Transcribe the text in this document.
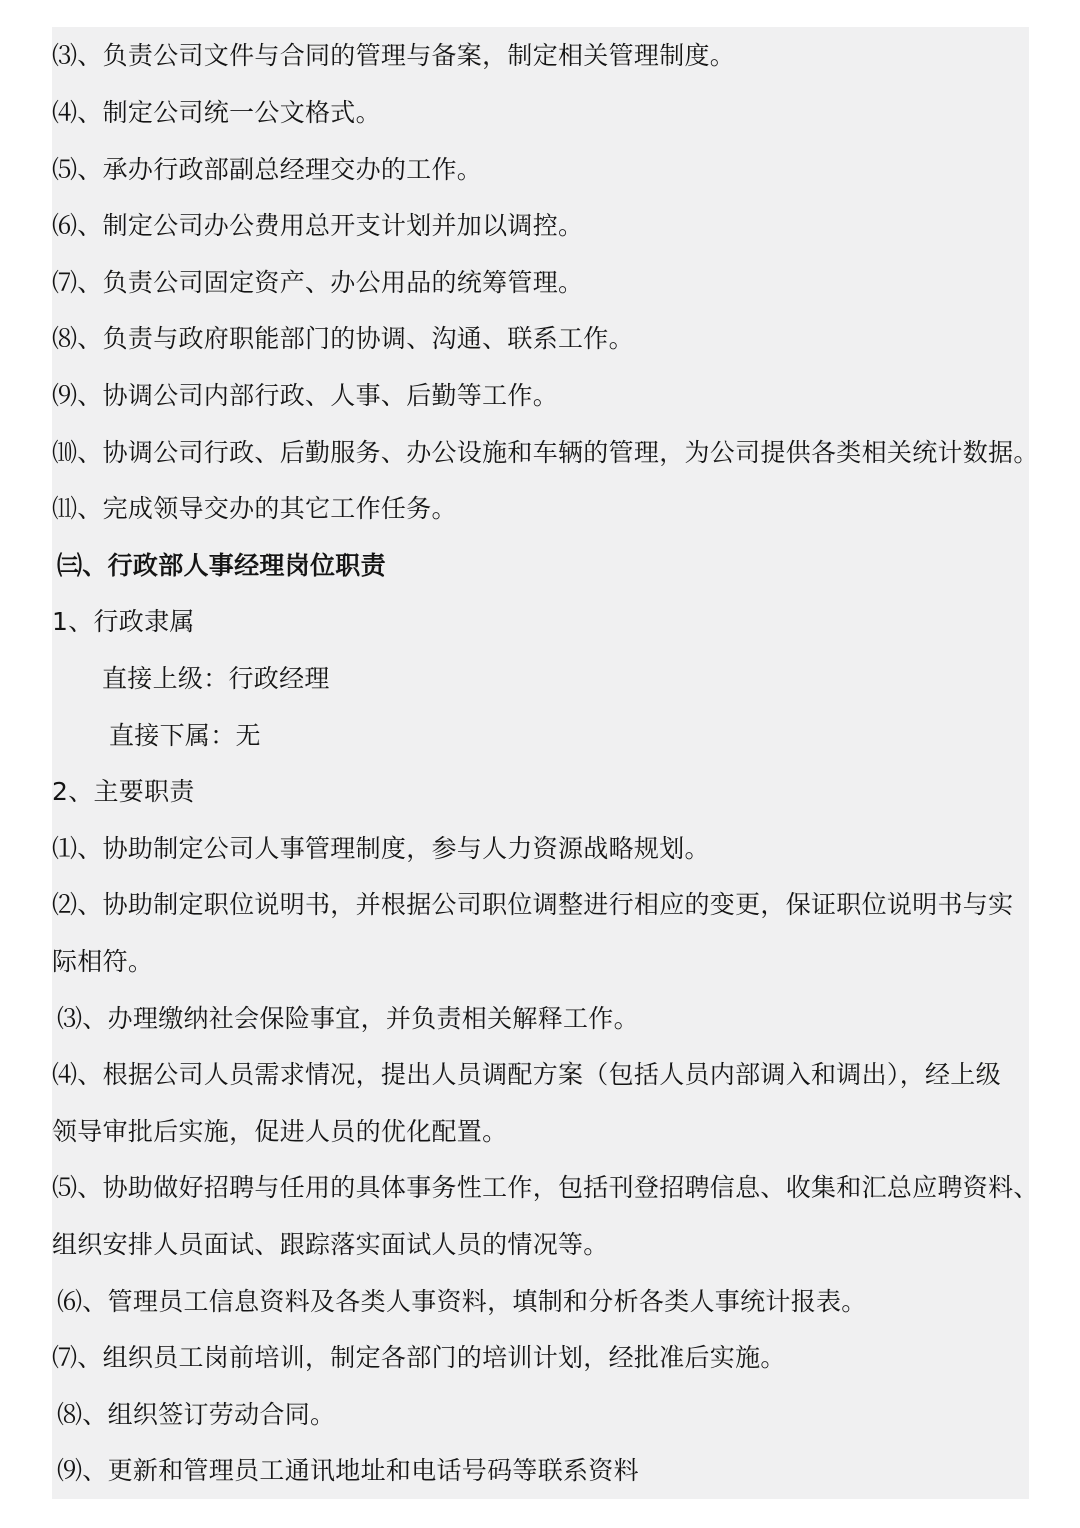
⑶、负责公司文件与合同的管理与备案，制定相关管理制度。
⑷、制定公司统一公文格式。
⑸、承办行政部副总经理交办的工作。
⑹、制定公司办公费用总开支计划并加以调控。
⑺、负责公司固定资产、办公用品的统筹管理。
⑻、负责与政府职能部门的协调、沟通、联系工作。
⑼、协调公司内部行政、人事、后勤等工作。
⑽、协调公司行政、后勤服务、办公设施和车辆的管理，为公司提供各类相关统计数据。
⑾、完成领导交办的其它工作任务。
㈢、行政部人事经理岗位职责
1、行政隶属
直接上级：行政经理
直接下属：无
2、主要职责
⑴、协助制定公司人事管理制度，参与人力资源战略规划。
⑵、协助制定职位说明书，并根据公司职位调整进行相应的变更，保证职位说明书与实
际相符。
⑶、办理缴纳社会保险事宜，并负责相关解释工作。
⑷、根据公司人员需求情况，提出人员调配方案（包括人员内部调入和调出），经上级
领导审批后实施，促进人员的优化配置。
⑸、协助做好招聘与任用的具体事务性工作，包括刊登招聘信息、收集和汇总应聘资料、
组织安排人员面试、跟踪落实面试人员的情况等。
⑹、管理员工信息资料及各类人事资料，填制和分析各类人事统计报表。
⑺、组织员工岗前培训，制定各部门的培训计划，经批准后实施。
⑻、组织签订劳动合同。
⑼、更新和管理员工通讯地址和电话号码等联系资料
